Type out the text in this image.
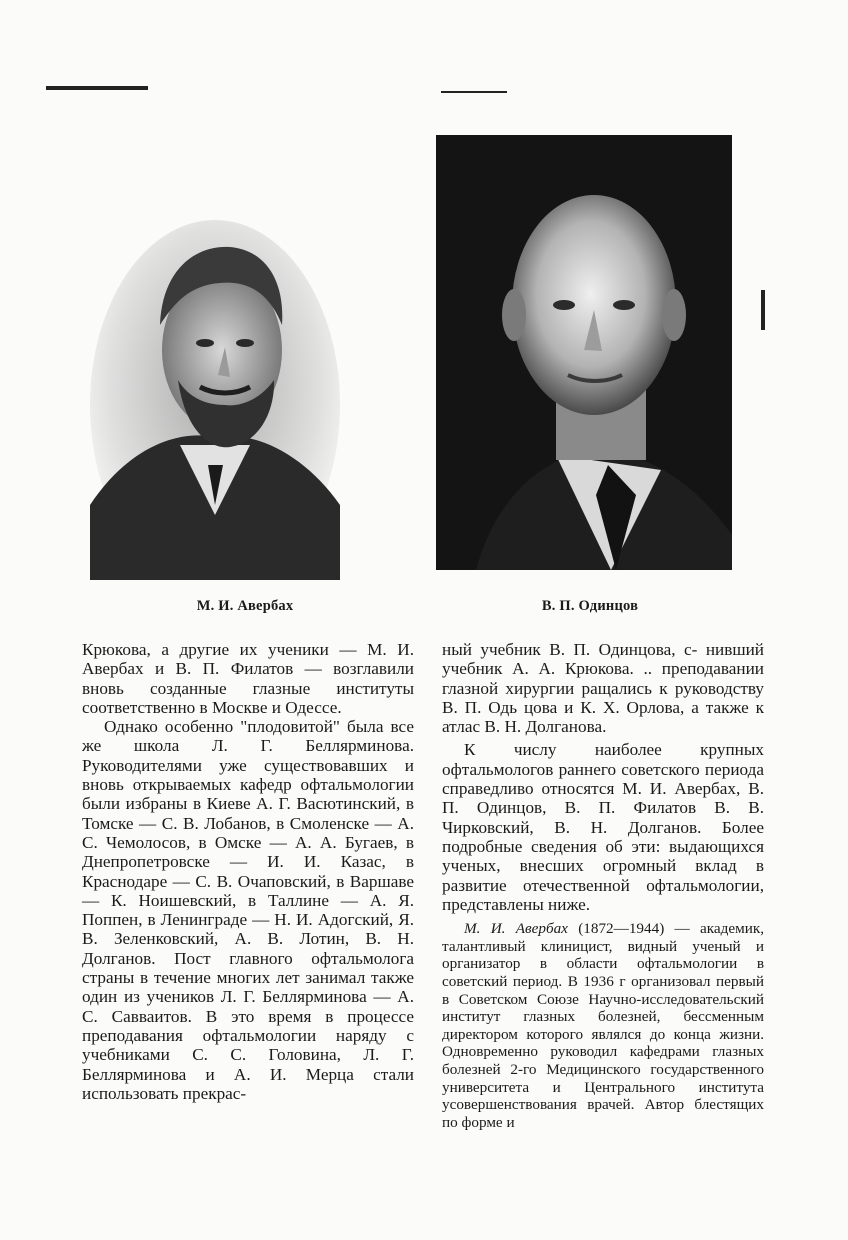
М. И. Авербах	В. П. Одинцов

Крюкова, а другие их ученики — М. И. Авербах и В. П. Филатов — возглавили вновь созданные глазные институты соответственно в Москве и Одессе.

Однако особенно "плодовитой" была все же школа Л. Г. Беллярминова. Руководителями уже существовавших и вновь открываемых кафедр офтальмологии были избраны в Киеве А. Г. Васютинский, в Томске — С. В. Лобанов, в Смоленске — А. С. Чемолосов, в Омске — А. А. Бугаев, в Днепропетровске — И. И. Казас, в Краснодаре — С. В. Очаповский, в Варшаве — К. Ноишевский, в Таллине — А. Я. Поппен, в Ленинграде — Н. И. Адогский, Я. В. Зеленковский, А. В. Лотин, В. Н. Долганов. Пост главного офтальмолога страны в течение многих лет занимал также один из учеников Л. Г. Беллярминова — А. С. Савваитов. В это время в процессе преподавания офтальмологии наряду с учебниками С. С. Головина, Л. Г. Беллярминова и А. И. Мерца стали использовать прекрас-

ный учебник В. П. Одинцова, с- нивший учебник А. А. Крюкова. .. преподавании глазной хирургии ращались к руководству В. П. Одь цова и К. Х. Орлова, а также к атлас В. Н. Долганова.

К числу наиболее крупных офтальмологов раннего советского периода справедливо относятся М. И. Авербах, В. П. Одинцов, В. П. Филатов В. В. Чирковский, В. Н. Долганов. Более подробные сведения об эти: выдающихся ученых, внесших огромный вклад в развитие отечественной офтальмологии, представлены ниже.

М. И. Авербах (1872—1944) — академик, талантливый клиницист, видный ученый и организатор в области офтальмологии в советский период. В 1936 г организовал первый в Советском Союзе Научно-исследовательский институт глазных болезней, бессменным директором которого являлся до конца жизни. Одновременно руководил кафедрами глазных болезней 2-го Медицинского государственного университета и Центрального института усовершенствования врачей. Автор блестящих по форме и
